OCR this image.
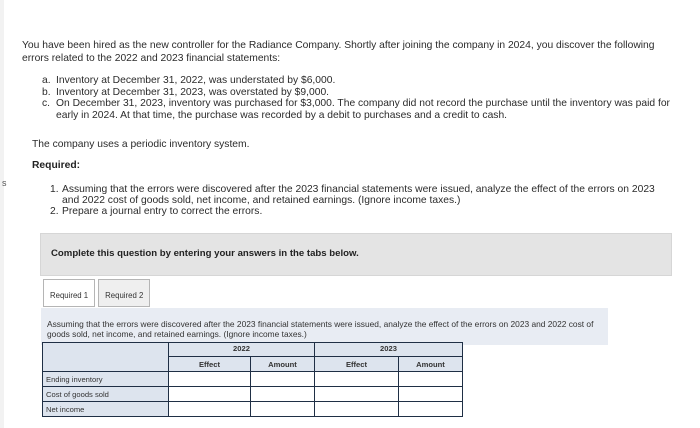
s

You have been hired as the new controller for the Radiance Company. Shortly after joining the company in 2024, you discover the following errors related to the 2022 and 2023 financial statements:

a. Inventory at December 31, 2022, was understated by $6,000.
b. Inventory at December 31, 2023, was overstated by $9,000.
c. On December 31, 2023, inventory was purchased for $3,000. The company did not record the purchase until the inventory was paid for early in 2024. At that time, the purchase was recorded by a debit to purchases and a credit to cash.

The company uses a periodic inventory system.

Required:

1. Assuming that the errors were discovered after the 2023 financial statements were issued, analyze the effect of the errors on 2023 and 2022 cost of goods sold, net income, and retained earnings. (Ignore income taxes.)
2. Prepare a journal entry to correct the errors.
Complete this question by entering your answers in the tabs below.
Required 1	Required 2

Assuming that the errors were discovered after the 2023 financial statements were issued, analyze the effect of the errors on 2023 and 2022 cost of goods sold, net income, and retained earnings. (Ignore income taxes.)

	2022		2023	
	Effect	Amount	Effect	Amount
Ending inventory				
Cost of goods sold				
Net income				
